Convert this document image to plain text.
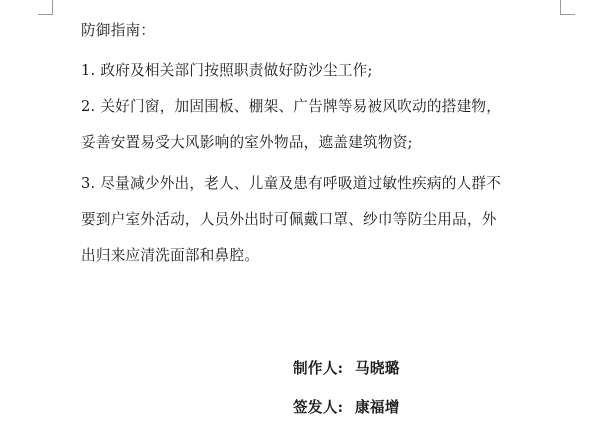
防御指南：
1. 政府及相关部门按照职责做好防沙尘工作;
2. 关好门窗，加固围板、棚架、广告牌等易被风吹动的搭建物，
妥善安置易受大风影响的室外物品，遮盖建筑物资;
3. 尽量减少外出，老人、儿童及患有呼吸道过敏性疾病的人群不
要到户室外活动，人员外出时可佩戴口罩、纱巾等防尘用品，外
出归来应清洗面部和鼻腔。
制作人: 马晓璐
签发人: 康福增
